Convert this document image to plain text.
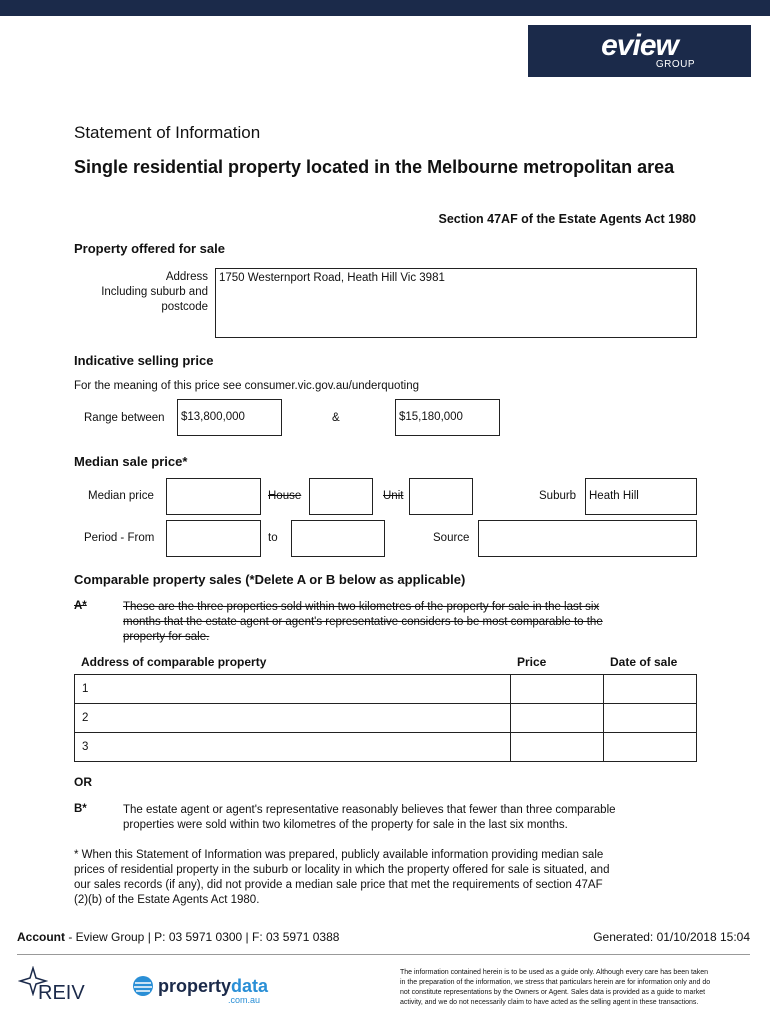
eview
GROUP
Statement of Information
Single residential property located in the Melbourne metropolitan area
Section 47AF of the Estate Agents Act 1980
Property offered for sale
Address
Including suburb and
postcode
1750 Westernport Road, Heath Hill Vic 3981
Indicative selling price
For the meaning of this price see consumer.vic.gov.au/underquoting
Range between	$13,800,000	&	$15,180,000
Median sale price*
Median price	House	Unit	Suburb	Heath Hill
Period - From	to	Source
Comparable property sales (*Delete A or B below as applicable)
A*	These are the three properties sold within two kilometres of the property for sale in the last six
months that the estate agent or agent's representative considers to be most comparable to the
property for sale.
Address of comparable property	Price	Date of sale
1
2
3
OR
B*	The estate agent or agent's representative reasonably believes that fewer than three comparable
properties were sold within two kilometres of the property for sale in the last six months.
* When this Statement of Information was prepared, publicly available information providing median sale
prices of residential property in the suburb or locality in which the property offered for sale is situated, and
our sales records (if any), did not provide a median sale price that met the requirements of section 47AF
(2)(b) of the Estate Agents Act 1980.
Account - Eview Group | P: 03 5971 0300 | F: 03 5971 0388	Generated: 01/10/2018 15:04
REIV	propertydata
.com.au
The information contained herein is to be used as a guide only. Although every care has been taken
in the preparation of the information, we stress that particulars herein are for information only and do
not constitute representations by the Owners or Agent. Sales data is provided as a guide to market
activity, and we do not necessarily claim to have acted as the selling agent in these transactions.
